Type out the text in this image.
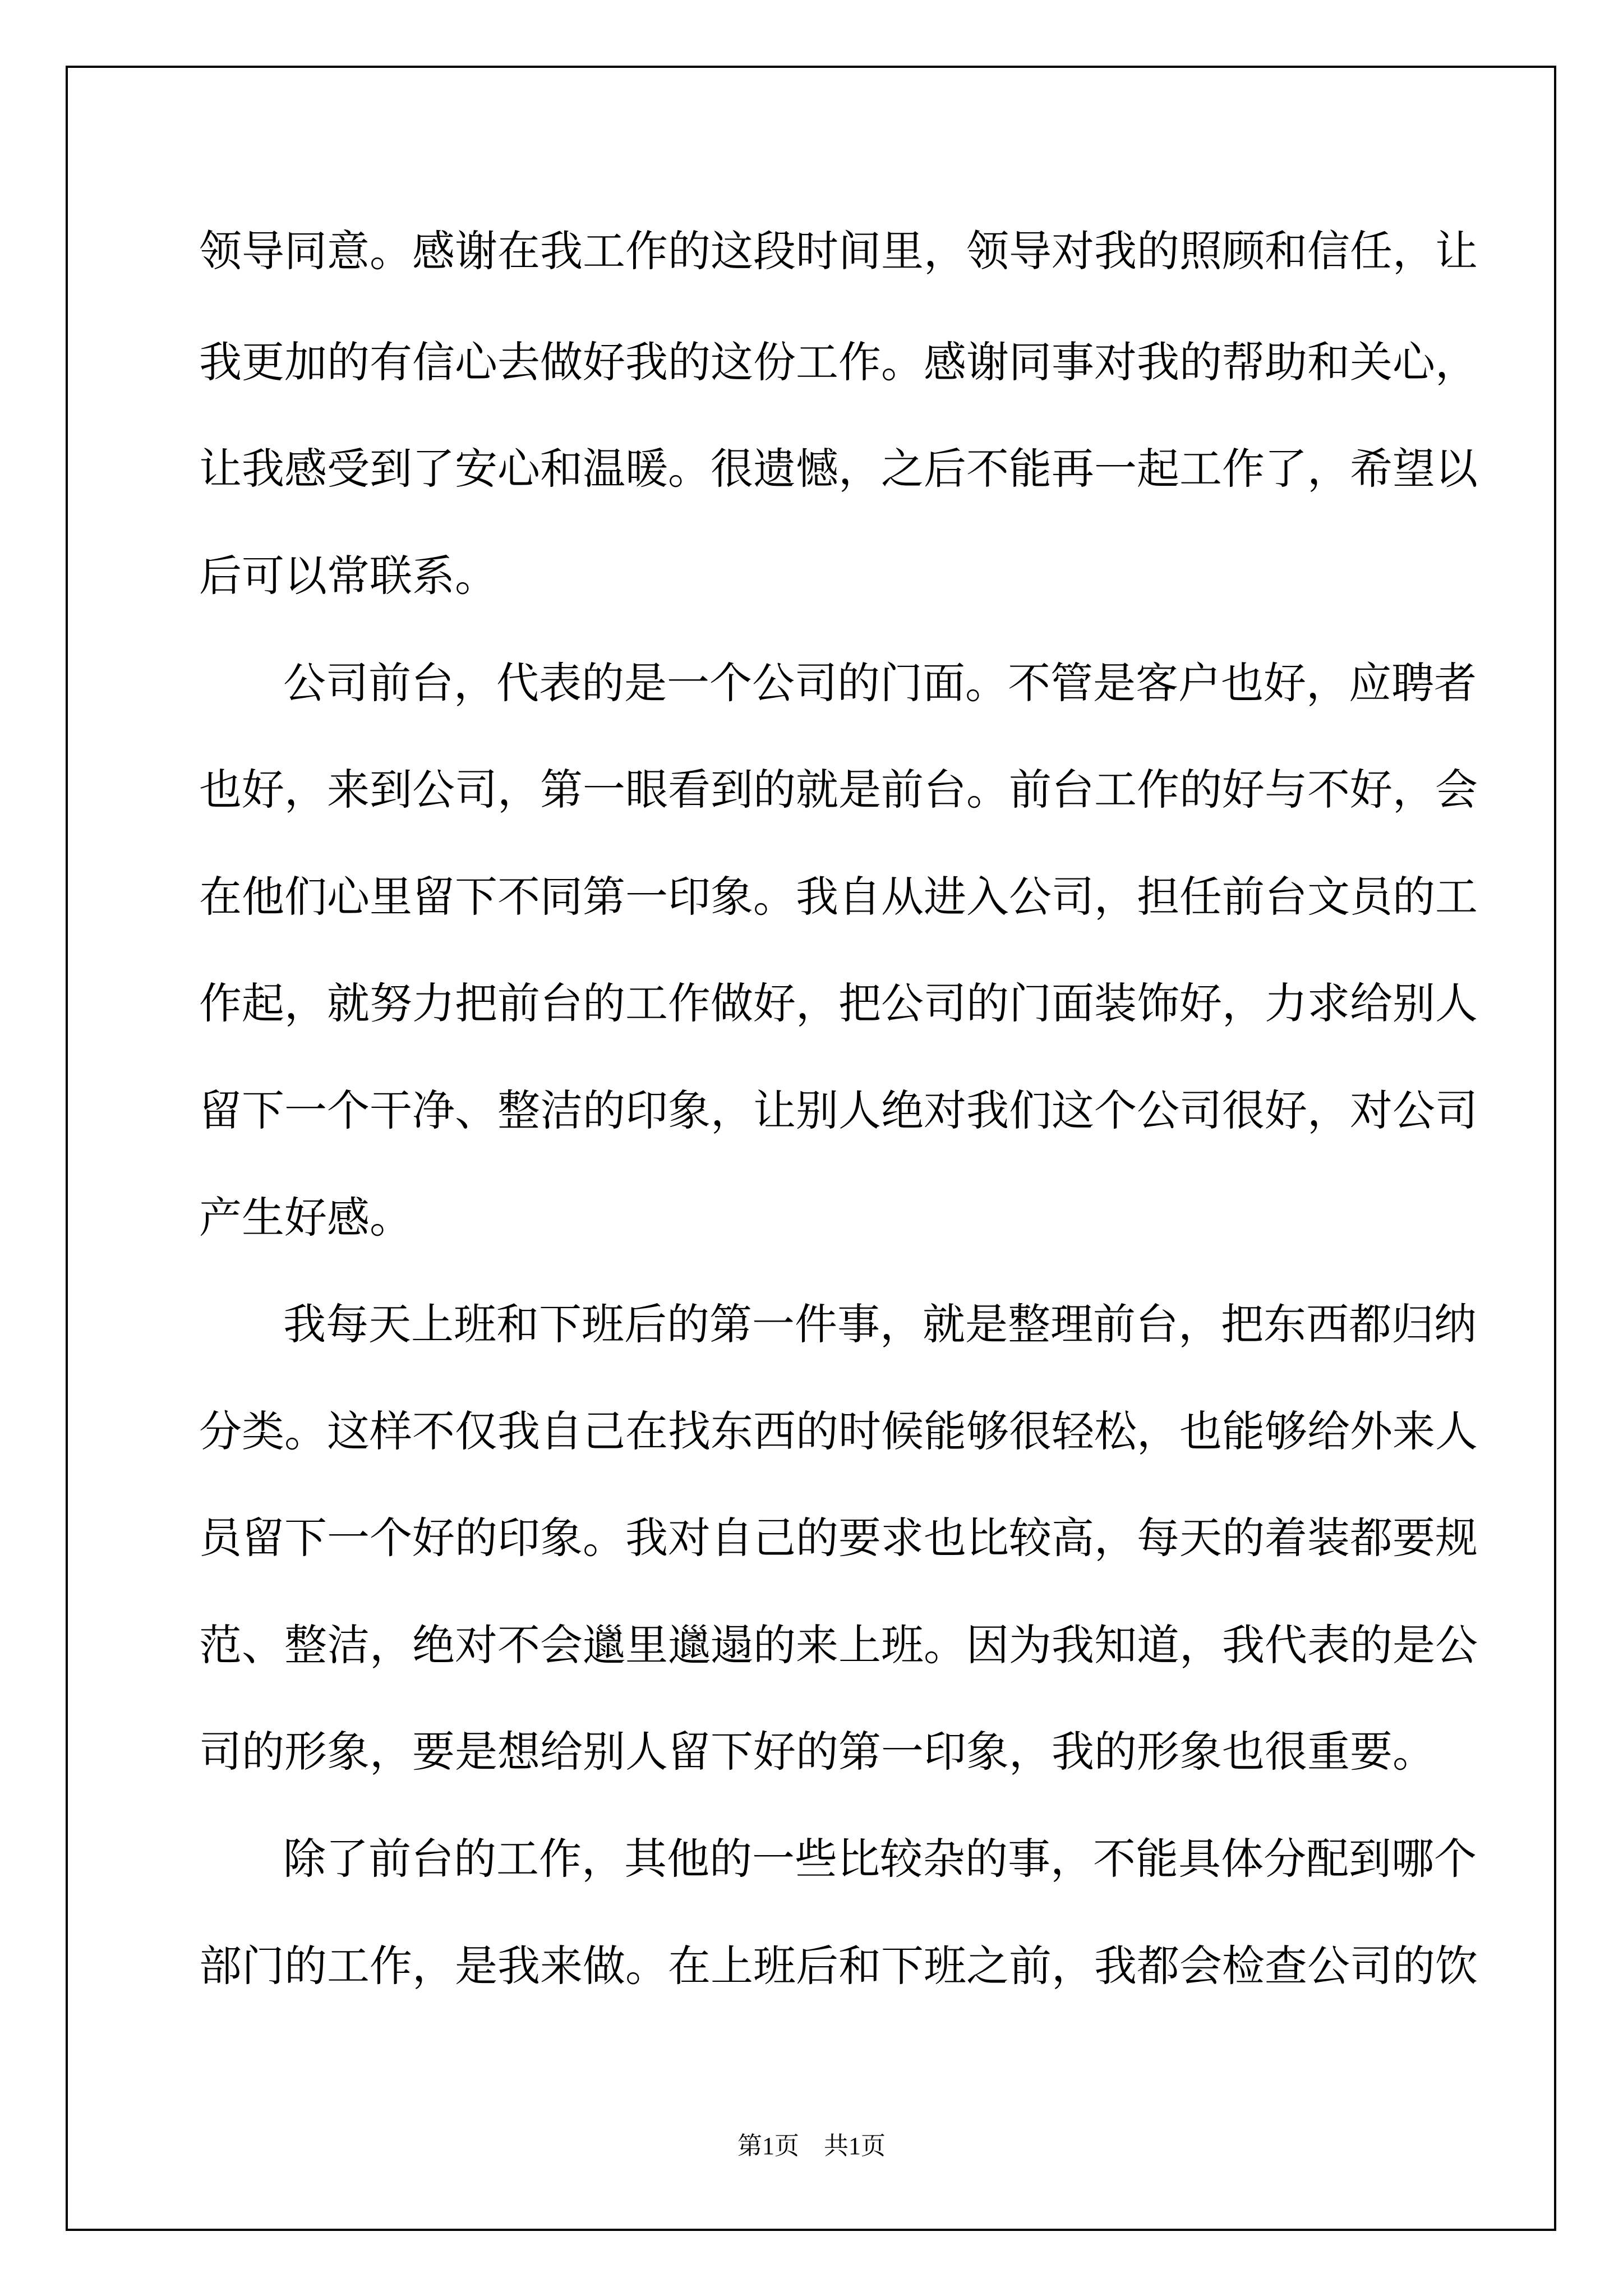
领导同意。感谢在我工作的这段时间里，领导对我的照顾和信任，让
我更加的有信心去做好我的这份工作。感谢同事对我的帮助和关心，
让我感受到了安心和温暖。很遗憾，之后不能再一起工作了，希望以
后可以常联系。
公司前台，代表的是一个公司的门面。不管是客户也好，应聘者
也好，来到公司，第一眼看到的就是前台。前台工作的好与不好，会
在他们心里留下不同第一印象。我自从进入公司，担任前台文员的工
作起，就努力把前台的工作做好，把公司的门面装饰好，力求给别人
留下一个干净、整洁的印象，让别人绝对我们这个公司很好，对公司
产生好感。
我每天上班和下班后的第一件事，就是整理前台，把东西都归纳
分类。这样不仅我自己在找东西的时候能够很轻松，也能够给外来人
员留下一个好的印象。我对自己的要求也比较高，每天的着装都要规
范、整洁，绝对不会邋里邋遢的来上班。因为我知道，我代表的是公
司的形象，要是想给别人留下好的第一印象，我的形象也很重要。
除了前台的工作，其他的一些比较杂的事，不能具体分配到哪个
部门的工作，是我来做。在上班后和下班之前，我都会检查公司的饮
第1页　共1页
